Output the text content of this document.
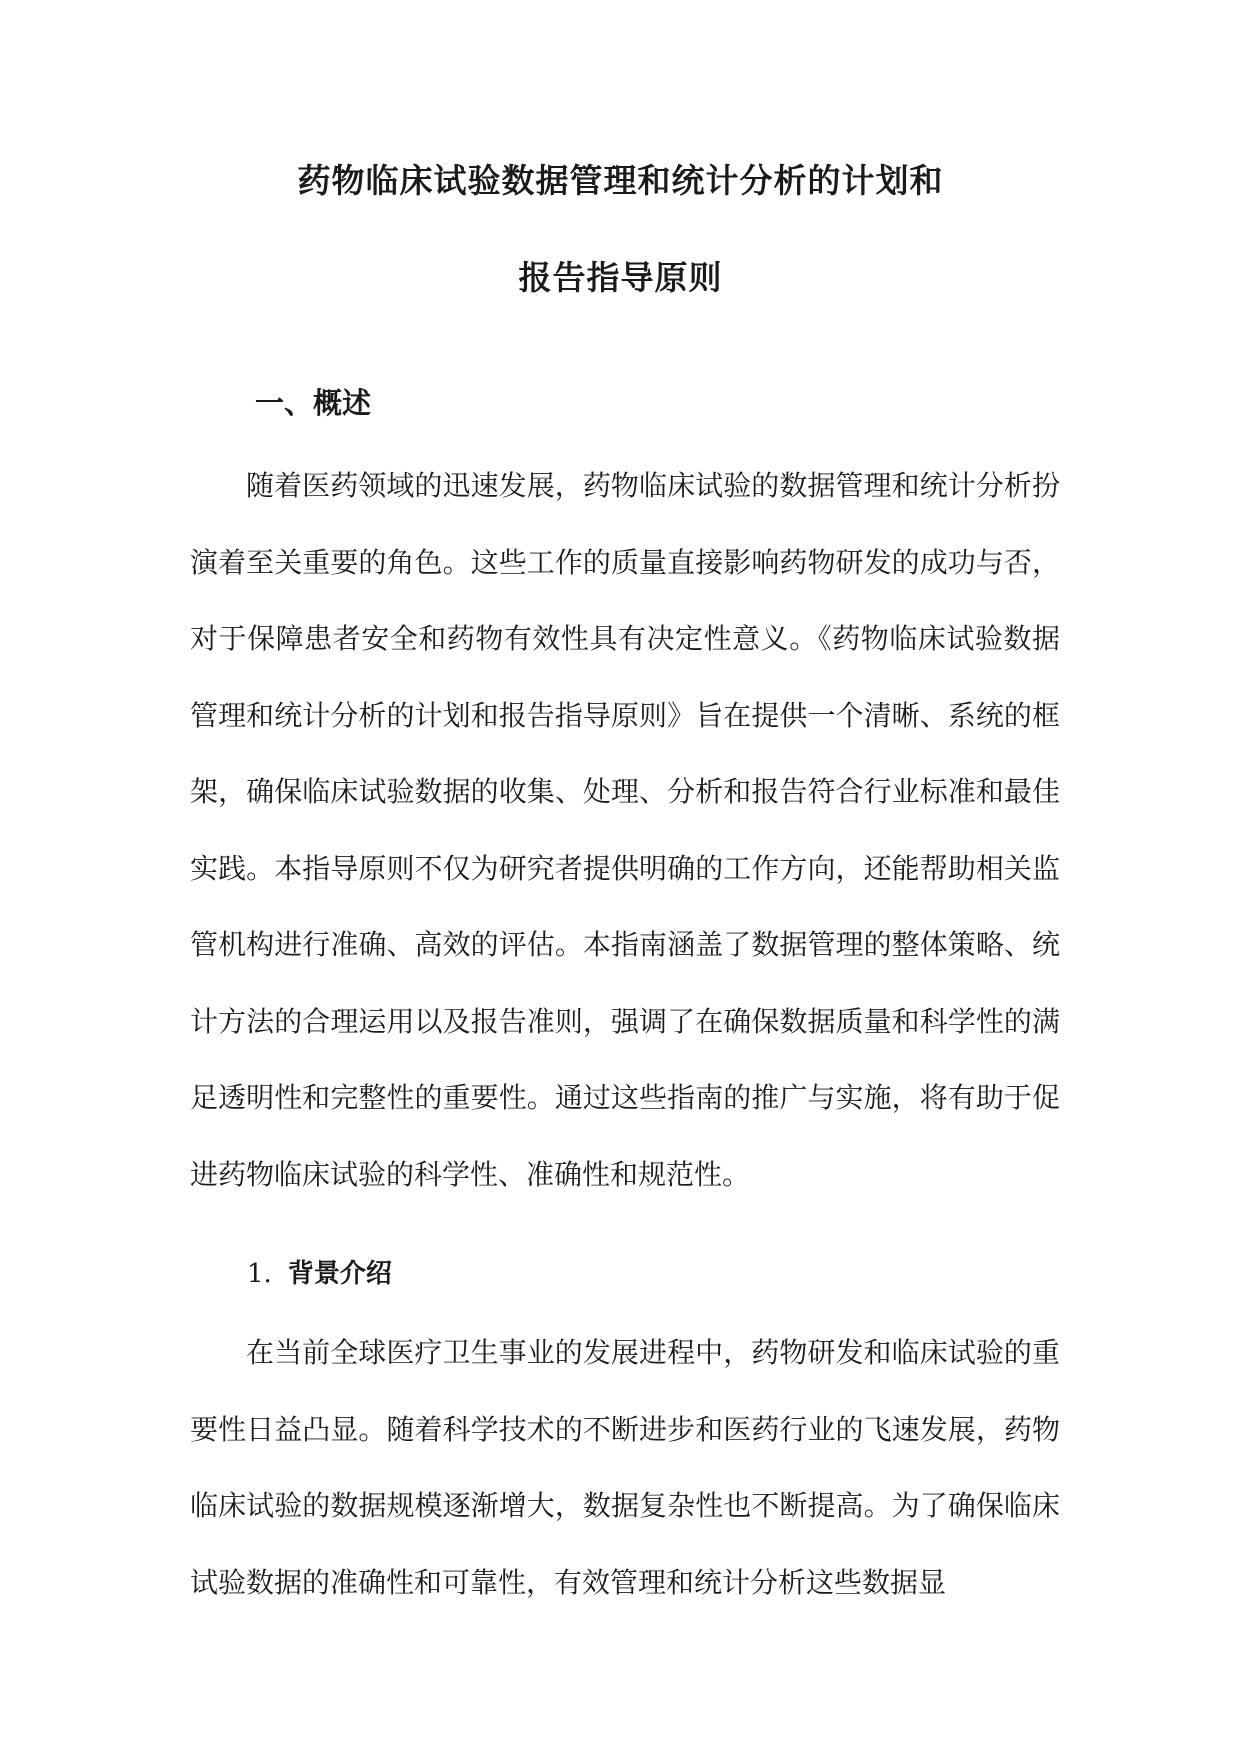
药物临床试验数据管理和统计分析的计划和
报告指导原则
一、概述

随着医药领域的迅速发展，药物临床试验的数据管理和统计分析扮演着至关重要的角色。这些工作的质量直接影响药物研发的成功与否，对于保障患者安全和药物有效性具有决定性意义。《药物临床试验数据管理和统计分析的计划和报告指导原则》旨在提供一个清晰、系统的框架，确保临床试验数据的收集、处理、分析和报告符合行业标准和最佳实践。本指导原则不仅为研究者提供明确的工作方向，还能帮助相关监管机构进行准确、高效的评估。本指南涵盖了数据管理的整体策略、统计方法的合理运用以及报告准则，强调了在确保数据质量和科学性的满足透明性和完整性的重要性。通过这些指南的推广与实施，将有助于促进药物临床试验的科学性、准确性和规范性。

1. 背景介绍

在当前全球医疗卫生事业的发展进程中，药物研发和临床试验的重要性日益凸显。随着科学技术的不断进步和医药行业的飞速发展，药物临床试验的数据规模逐渐增大，数据复杂性也不断提高。为了确保临床试验数据的准确性和可靠性，有效管理和统计分析这些数据显
